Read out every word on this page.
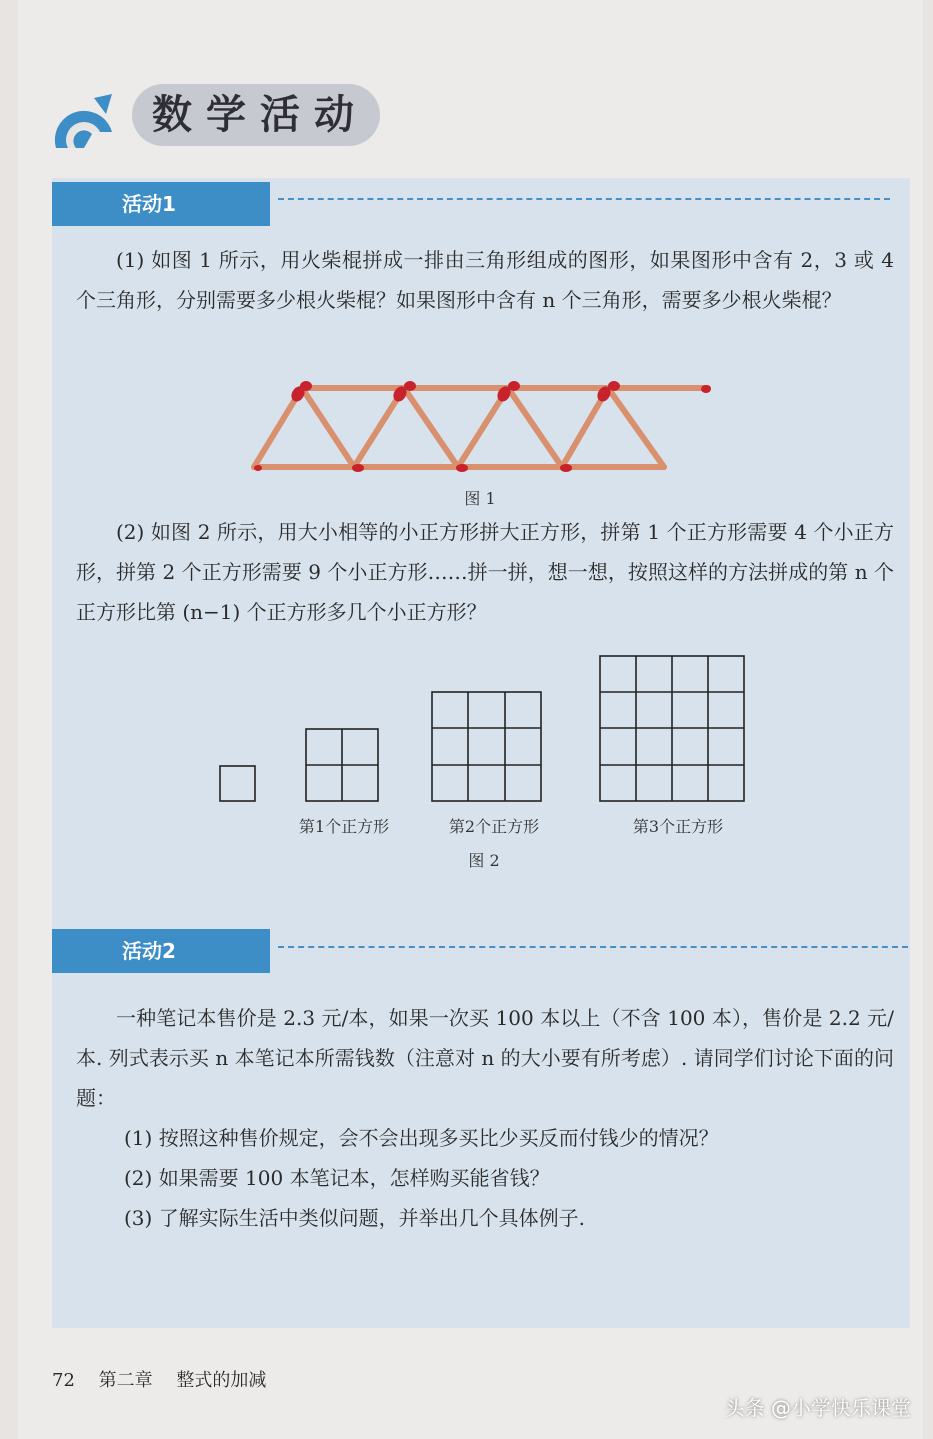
数学活动
活动1
(1) 如图 1 所示，用火柴棍拼成一排由三角形组成的图形，如果图形中含有 2，3 或 4 个三角形，分别需要多少根火柴棍？如果图形中含有 n 个三角形，需要多少根火柴棍？
图 1
(2) 如图 2 所示，用大小相等的小正方形拼大正方形，拼第 1 个正方形需要 4 个小正方形，拼第 2 个正方形需要 9 个小正方形……拼一拼，想一想，按照这样的方法拼成的第 n 个正方形比第 (n−1) 个正方形多几个小正方形？
第1个正方形	第2个正方形	第3个正方形
图 2
活动2

一种笔记本售价是 2.3 元/本，如果一次买 100 本以上（不含 100 本），售价是 2.2 元/本. 列式表示买 n 本笔记本所需钱数（注意对 n 的大小要有所考虑）. 请同学们讨论下面的问题：

(1) 按照这种售价规定，会不会出现多买比少买反而付钱少的情况？

(2) 如果需要 100 本笔记本，怎样购买能省钱？

(3) 了解实际生活中类似问题，并举出几个具体例子.

72 第二章 整式的加减
头条 @小学快乐课堂
